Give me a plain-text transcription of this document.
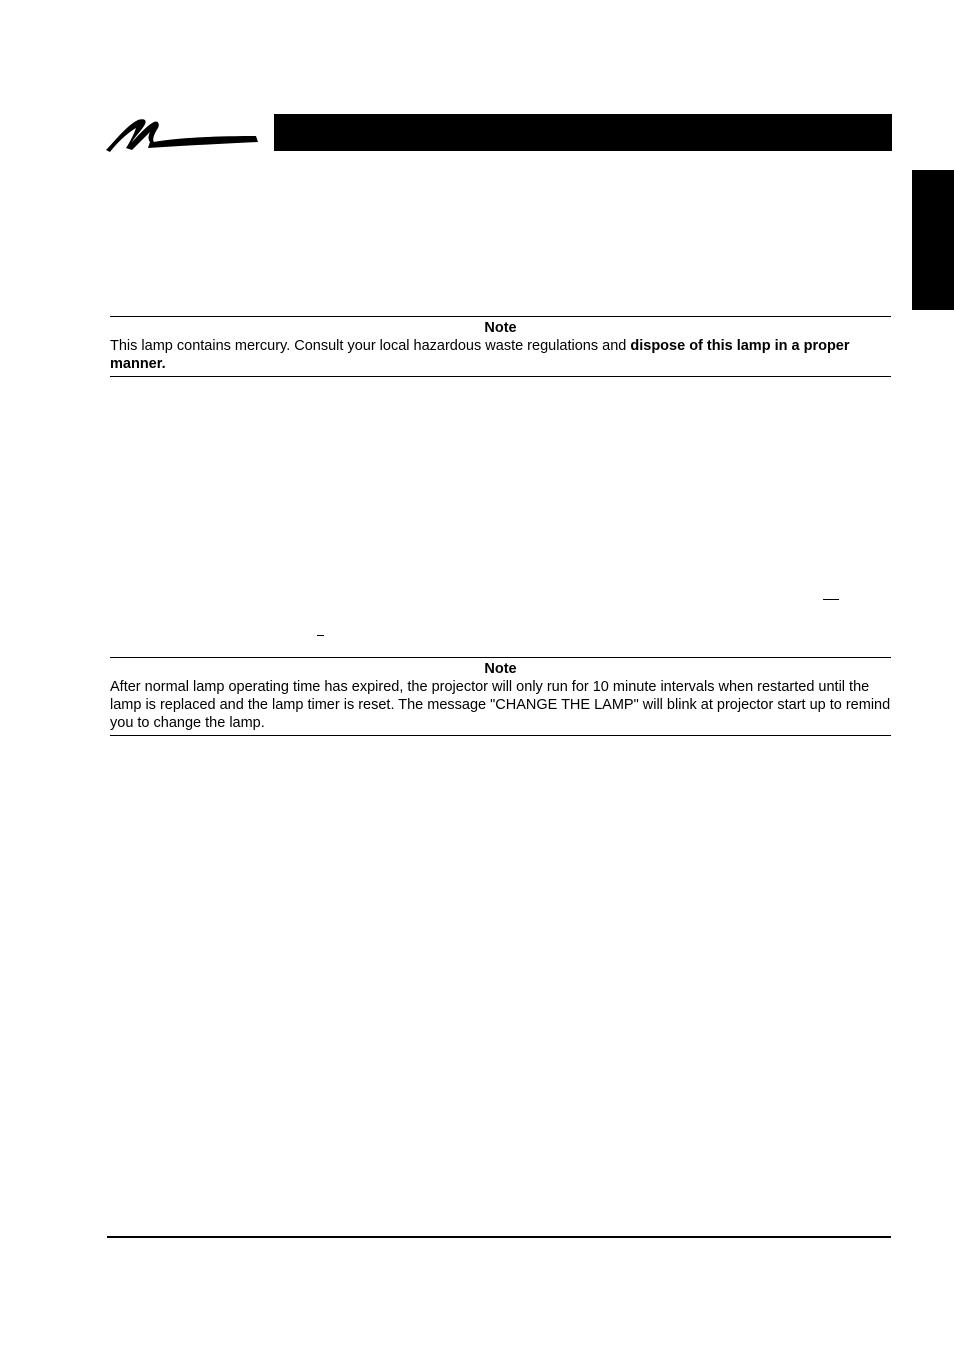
Note
This lamp contains mercury. Consult your local hazardous waste regulations and dispose of this lamp in a proper manner.
Note
After normal lamp operating time has expired, the projector will only run for 10 minute intervals when restarted until the lamp is replaced and the lamp timer is reset. The message "CHANGE THE LAMP" will blink at projector start up to remind you to change the lamp.
